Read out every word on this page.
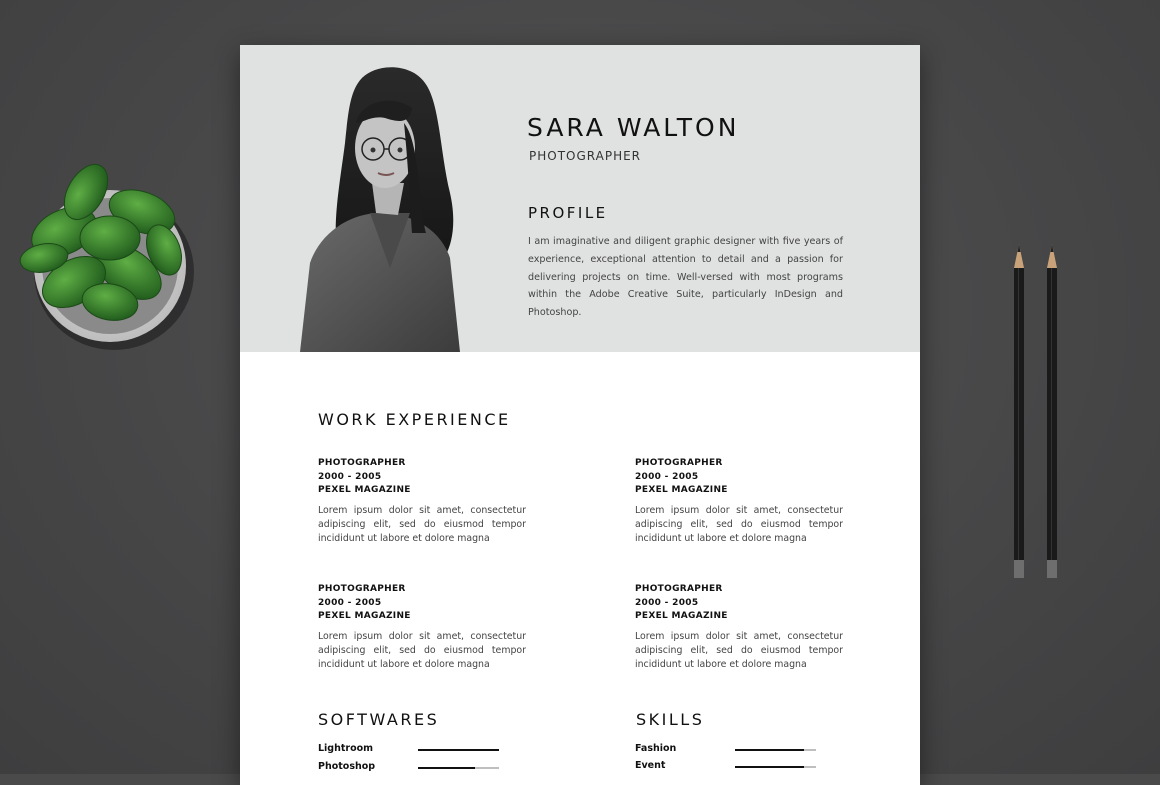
SARA WALTON
PHOTOGRAPHER
PROFILE
I am imaginative and diligent graphic designer with five years of experience, exceptional attention to detail and a passion for delivering projects on time. Well-versed with most programs within the Adobe Creative Suite, particularly InDesign and Photoshop.
WORK EXPERIENCE
PHOTOGRAPHER
2000 - 2005
PEXEL MAGAZINE
Lorem ipsum dolor sit amet, consectetur adipiscing elit, sed do eiusmod tempor incididunt ut labore et dolore magna
PHOTOGRAPHER
2000 - 2005
PEXEL MAGAZINE
Lorem ipsum dolor sit amet, consectetur adipiscing elit, sed do eiusmod tempor incididunt ut labore et dolore magna
PHOTOGRAPHER
2000 - 2005
PEXEL MAGAZINE
Lorem ipsum dolor sit amet, consectetur adipiscing elit, sed do eiusmod tempor incididunt ut labore et dolore magna
PHOTOGRAPHER
2000 - 2005
PEXEL MAGAZINE
Lorem ipsum dolor sit amet, consectetur adipiscing elit, sed do eiusmod tempor incididunt ut labore et dolore magna
SOFTWARES	SKILLS
Lightroom
Photoshop
Fashion
Event
